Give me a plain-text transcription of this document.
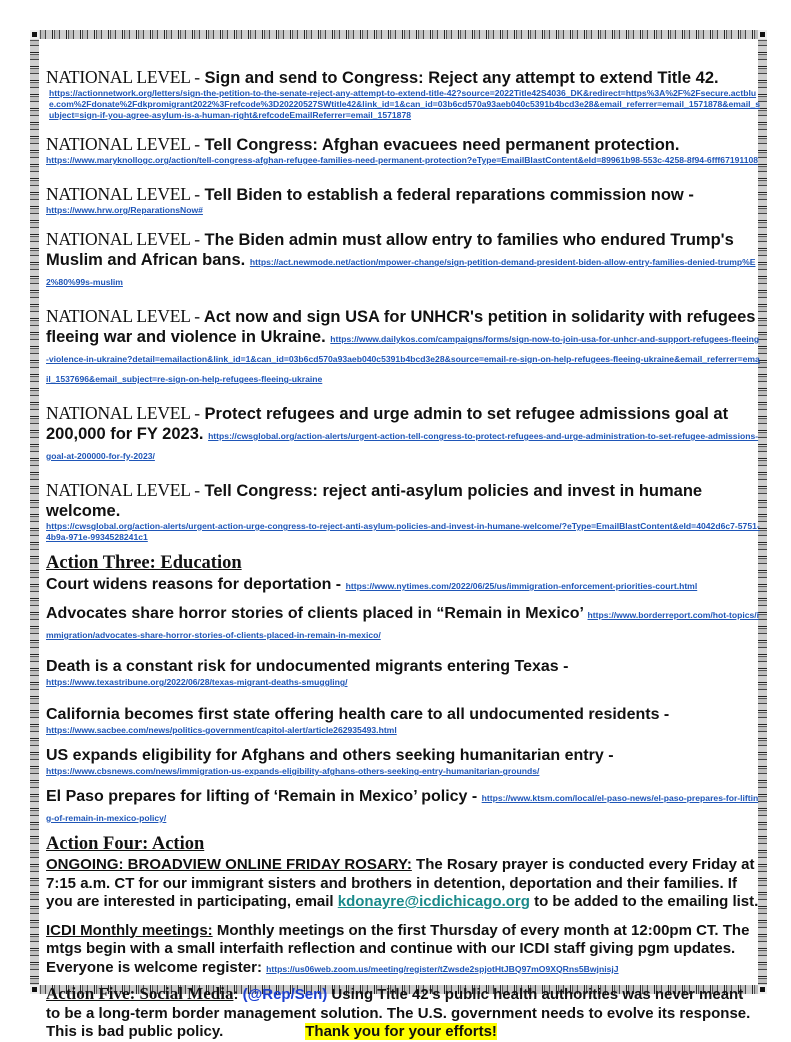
NATIONAL LEVEL - Sign and send to Congress: Reject any attempt to extend Title 42.
https://actionnetwork.org/letters/sign-the-petition-to-the-senate-reject-any-attempt-to-extend-title-42?source=2022Title42S4036_DK&redirect=https%3A%2F%2Fsecure.actblue.com%2Fdonate%2Fdkpromigrant2022%3Frefcode%3D20220527SWtitle42&link_id=1&can_id=03b6cd570a93aeb040c5391b4bcd3e28&email_referrer=email_1571878&email_subject=sign-if-you-agree-asylum-is-a-human-right&refcodeEmailReferrer=email_1571878
NATIONAL LEVEL - Tell Congress: Afghan evacuees need permanent protection.
https://www.maryknollogc.org/action/tell-congress-afghan-refugee-families-need-permanent-protection?eType=EmailBlastContent&eId=89961b98-553c-4258-8f94-6fff67191108
NATIONAL LEVEL - Tell Biden to establish a federal reparations commission now -
https://www.hrw.org/ReparationsNow#
NATIONAL LEVEL - The Biden admin must allow entry to families who endured Trump's Muslim and African bans. https://act.newmode.net/action/mpower-change/sign-petition-demand-president-biden-allow-entry-families-denied-trump%E2%80%99s-muslim
NATIONAL LEVEL - Act now and sign USA for UNHCR's petition in solidarity with refugees fleeing war and violence in Ukraine. https://www.dailykos.com/campaigns/forms/sign-now-to-join-usa-for-unhcr-and-support-refugees-fleeing-violence-in-ukraine?detail=emailaction&link_id=1&can_id=03b6cd570a93aeb040c5391b4bcd3e28&source=email-re-sign-on-help-refugees-fleeing-ukraine&email_referrer=email_1537696&email_subject=re-sign-on-help-refugees-fleeing-ukraine
NATIONAL LEVEL - Protect refugees and urge admin to set refugee admissions goal at 200,000 for FY 2023. https://cwsglobal.org/action-alerts/urgent-action-tell-congress-to-protect-refugees-and-urge-administration-to-set-refugee-admissions-goal-at-200000-for-fy-2023/
NATIONAL LEVEL - Tell Congress: reject anti-asylum policies and invest in humane welcome.
https://cwsglobal.org/action-alerts/urgent-action-urge-congress-to-reject-anti-asylum-policies-and-invest-in-humane-welcome/?eType=EmailBlastContent&eId=4042d6c7-5751-4b9a-971e-9934528241c1
Action Three: Education
Court widens reasons for deportation - https://www.nytimes.com/2022/06/25/us/immigration-enforcement-priorities-court.html
Advocates share horror stories of clients placed in “Remain in Mexico’ https://www.borderreport.com/hot-topics/immigration/advocates-share-horror-stories-of-clients-placed-in-remain-in-mexico/
Death is a constant risk for undocumented migrants entering Texas -
https://www.texastribune.org/2022/06/28/texas-migrant-deaths-smuggling/
California becomes first state offering health care to all undocumented residents -
https://www.sacbee.com/news/politics-government/capitol-alert/article262935493.html
US expands eligibility for Afghans and others seeking humanitarian entry -
https://www.cbsnews.com/news/immigration-us-expands-eligibility-afghans-others-seeking-entry-humanitarian-grounds/
El Paso prepares for lifting of ‘Remain in Mexico’ policy - https://www.ktsm.com/local/el-paso-news/el-paso-prepares-for-lifting-of-remain-in-mexico-policy/
Action Four: Action
ONGOING: BROADVIEW ONLINE FRIDAY ROSARY: The Rosary prayer is conducted every Friday at 7:15 a.m. CT for our immigrant sisters and brothers in detention, deportation and their families. If you are interested in participating, email kdonayre@icdichicago.org to be added to the emailing list.
ICDI Monthly meetings: Monthly meetings on the first Thursday of every month at 12:00pm CT. The mtgs begin with a small interfaith reflection and continue with our ICDI staff giving pgm updates. Everyone is welcome register: https://us06web.zoom.us/meeting/register/tZwsde2spjotHtJBQ97mO9XQRns5BwjnisjJ
Action Five: Social Media: (@Rep/Sen) Using Title 42’s public health authorities was never meant to be a long-term border management solution. The U.S. government needs to evolve its response. This is bad public policy.	Thank you for your efforts!
